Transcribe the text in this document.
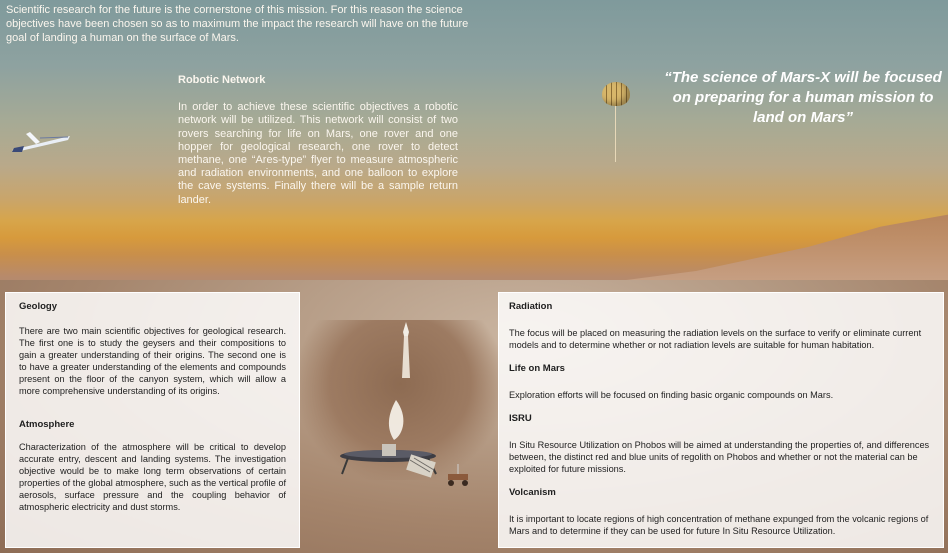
Scientific research for the future is the cornerstone of this mission. For this reason the science objectives have been chosen so as to maximum the impact the research will have on the future goal of landing a human on the surface of Mars.
Robotic Network

In order to achieve these scientific objectives a robotic network will be utilized. This network will consist of two rovers searching for life on Mars, one rover and one hopper for geological research, one rover to detect methane, one “Ares-type” flyer to measure atmospheric and radiation environments, and one balloon to explore the cave systems. Finally there will be a sample return lander.

“The science of Mars-X will be focused on preparing for a human mission to land on Mars”
Geology

There are two main scientific objectives for geological research. The first one is to study the geysers and their compositions to gain a greater understanding of their origins. The second one is to have a greater understanding of the elements and compounds present on the floor of the canyon system, which will allow a more comprehensive understanding of its origins.

Atmosphere

Characterization of the atmosphere will be critical to develop accurate entry, descent and landing systems. The investigation objective would be to make long term observations of certain properties of the global atmosphere, such as the vertical profile of aerosols, surface pressure and the coupling behavior of atmospheric electricity and dust storms.

Radiation

The focus will be placed on measuring the radiation levels on the surface to verify or eliminate current models and to determine whether or not radiation levels are suitable for human habitation.

Life on Mars

Exploration efforts will be focused on finding basic organic compounds on Mars.

ISRU

In Situ Resource Utilization on Phobos will be aimed at understanding the properties of, and differences between, the distinct red and blue units of regolith on Phobos and whether or not the material can be exploited for future missions.

Volcanism

It is important to locate regions of high concentration of methane expunged from the volcanic regions of Mars and to determine if they can be used for future In Situ Resource Utilization.
